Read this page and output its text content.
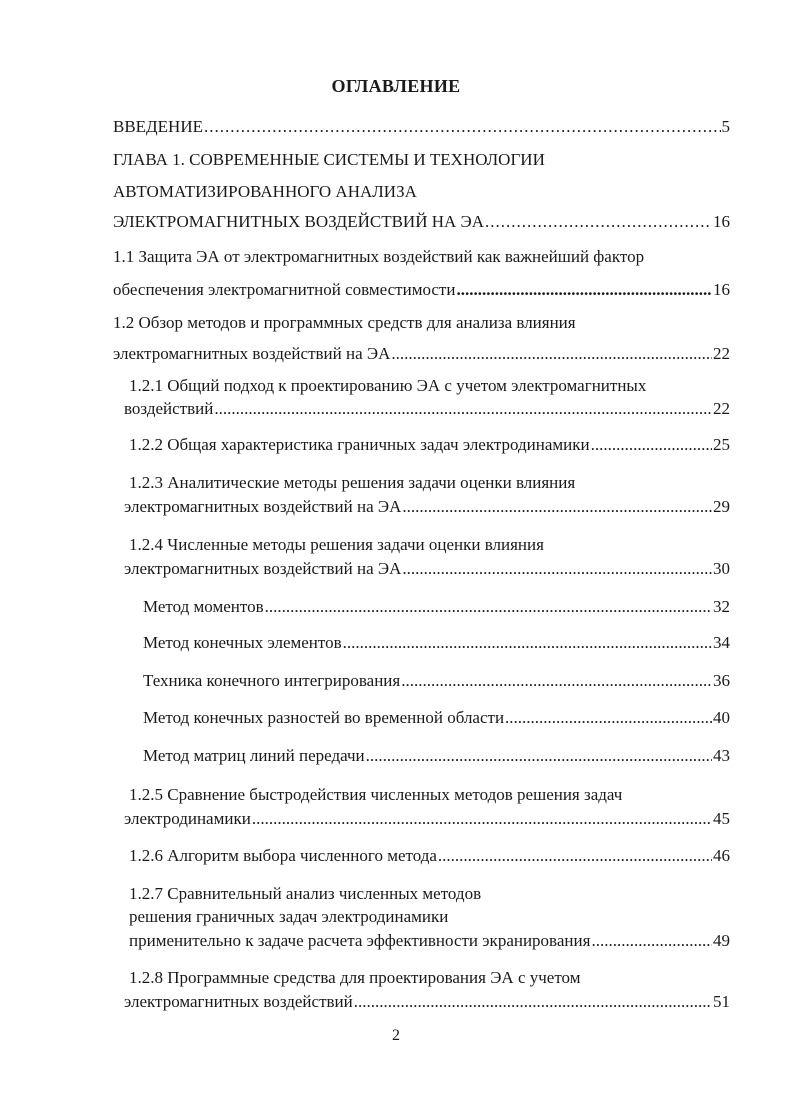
ОГЛАВЛЕНИЕ
ВВЕДЕНИЕ .....	5
ГЛАВА 1. СОВРЕМЕННЫЕ СИСТЕМЫ И ТЕХНОЛОГИИ
АВТОМАТИЗИРОВАННОГО АНАЛИЗА
ЭЛЕКТРОМАГНИТНЫХ ВОЗДЕЙСТВИЙ НА ЭА .....	16
1.1 Защита ЭА от электромагнитных воздействий как важнейший фактор
обеспечения электромагнитной совместимости .....	16
1.2 Обзор методов и программных средств для анализа влияния
электромагнитных воздействий на ЭА .....	22
1.2.1 Общий подход к проектированию ЭА с учетом электромагнитных
воздействий .....	22
1.2.2 Общая характеристика граничных задач электродинамики .....	25
1.2.3 Аналитические методы решения задачи оценки влияния
электромагнитных воздействий на ЭА .....	29
1.2.4 Численные методы решения задачи оценки влияния
электромагнитных воздействий на ЭА .....	30
Метод моментов .....	32
Метод конечных элементов .....	34
Техника конечного интегрирования .....	36
Метод конечных разностей во временной области .....	40
Метод матриц линий передачи .....	43
1.2.5 Сравнение быстродействия численных методов решения задач
электродинамики .....	45
1.2.6 Алгоритм выбора численного метода .....	46
1.2.7 Сравнительный анализ численных методов
решения граничных задач электродинамики
применительно к задаче расчета эффективности экранирования .....	49
1.2.8 Программные средства для проектирования ЭА с учетом
электромагнитных воздействий .....	51
2
